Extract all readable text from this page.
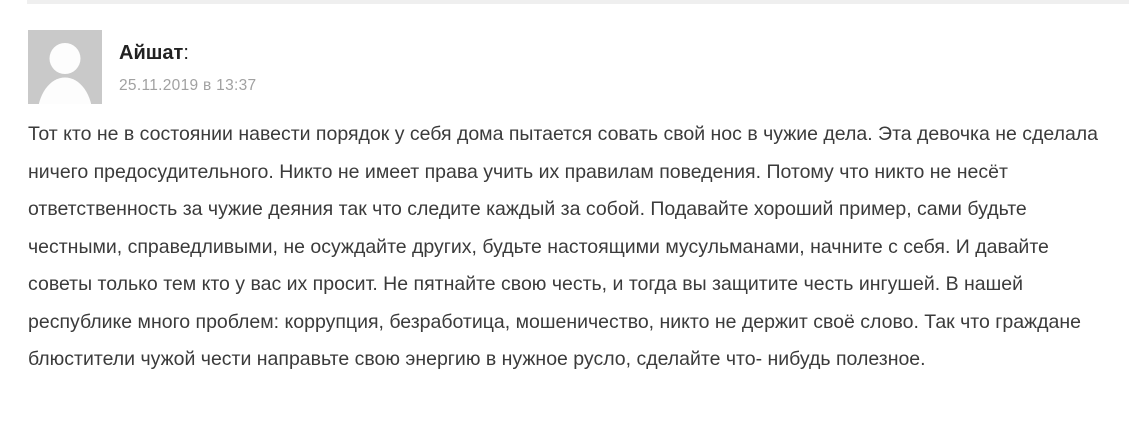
Айшат:
25.11.2019 в 13:37
Тот кто не в состоянии навести порядок у себя дома пытается совать свой нос в чужие дела. Эта девочка не сделала ничего предосудительного. Никто не имеет права учить их правилам поведения. Потому что никто не несёт ответственность за чужие деяния так что следите каждый за собой. Подавайте хороший пример, сами будьте честными, справедливыми, не осуждайте других, будьте настоящими мусульманами, начните с себя. И давайте советы только тем кто у вас их просит. Не пятнайте свою честь, и тогда вы защитите честь ингушей. В нашей республике много проблем: коррупция, безработица, мошеничество, никто не держит своё слово. Так что граждане блюстители чужой чести направьте свою энергию в нужное русло, сделайте что- нибудь полезное.
